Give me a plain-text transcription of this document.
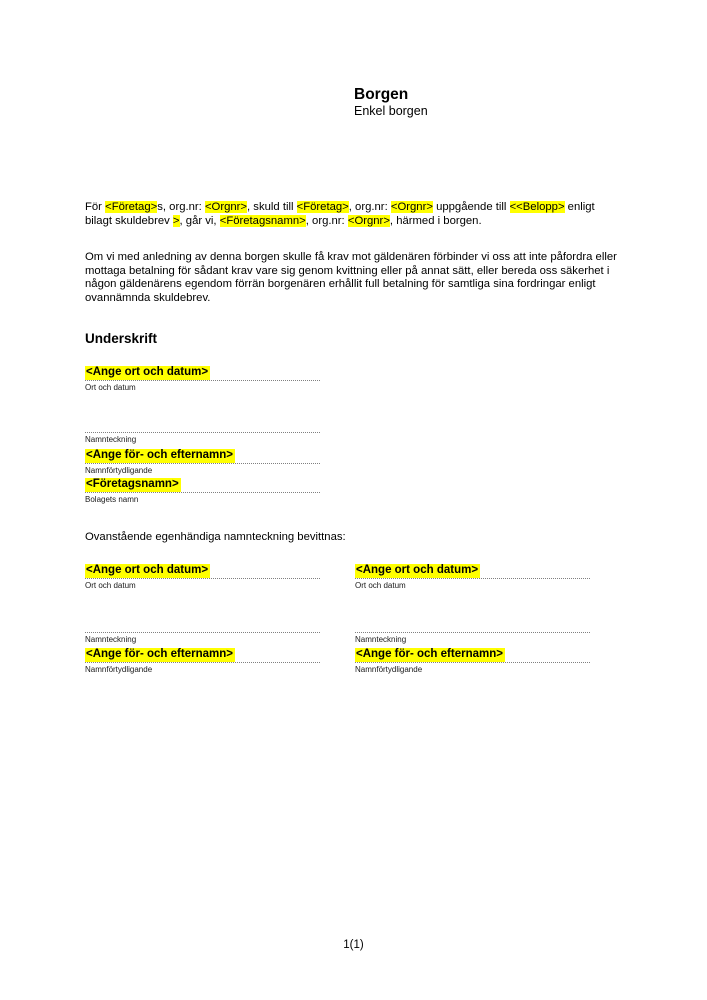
Borgen
Enkel borgen

För <Företag>s, org.nr: <Orgnr>, skuld till <Företag>, org.nr: <Orgnr> uppgående till <<Belopp> enligt
bilagt skuldebrev >, går vi, <Företagsnamn>, org.nr: <Orgnr>, härmed i borgen.

Om vi med anledning av denna borgen skulle få krav mot gäldenären förbinder vi oss att inte påfordra eller mottaga betalning för sådant krav vare sig genom kvittning eller på annat sätt, eller bereda oss säkerhet i någon gäldenärens egendom förrän borgenären erhållit full betalning för samtliga sina fordringar enligt ovannämnda skuldebrev.

Underskrift
<Ange ort och datum>
Ort och datum
Namnteckning
<Ange för- och efternamn>
Namnförtydligande
<Företagsnamn>
Bolagets namn
Ovanstående egenhändiga namnteckning bevittnas:
<Ange ort och datum>
Ort och datum
Namnteckning
<Ange för- och efternamn>
Namnförtydligande
<Ange ort och datum>
Ort och datum
Namnteckning
<Ange för- och efternamn>
Namnförtydligande
1(1)
